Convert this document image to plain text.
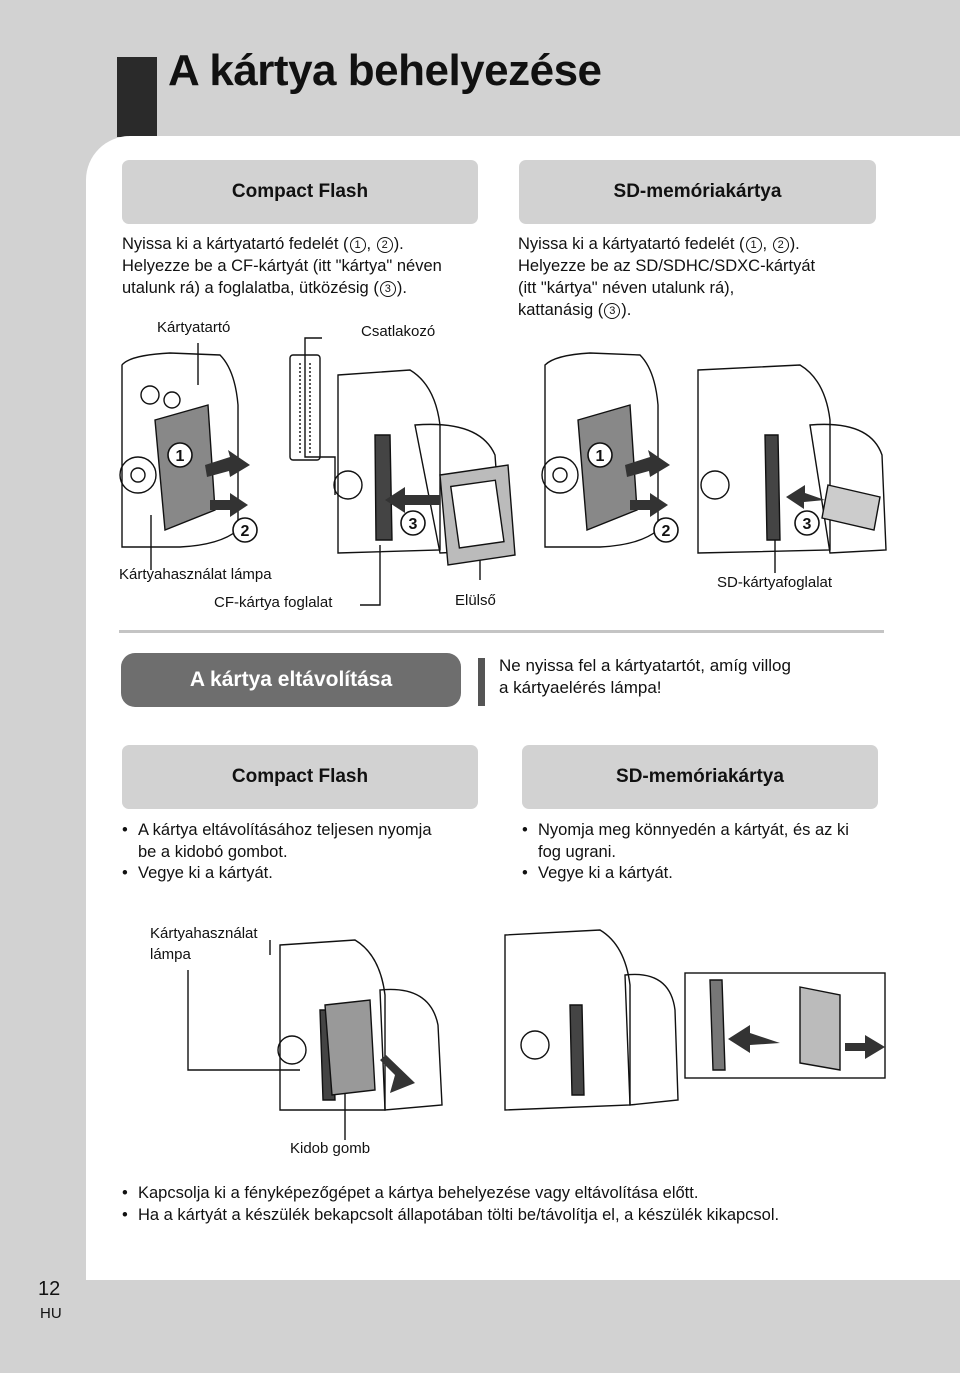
A kártya behelyezése
Compact Flash	SD-memóriakártya
Nyissa ki a kártyatartó fedelét ( 1 , 2 ).
Helyezze be a CF-kártyát (itt "kártya" néven
utalunk rá) a foglalatba, ütközésig ( 3 ).
Nyissa ki a kártyatartó fedelét ( 1 , 2 ).
Helyezze be az SD/SDHC/SDXC-kártyát
(itt "kártya" néven utalunk rá),
kattanásig ( 3 ).
Kártyatartó	Csatlakozó
Kártyahasználat lámpa
CF-kártya foglalat	Elülső
SD-kártyafoglalat
1
2	3
1
2	3
A kártya eltávolítása
Ne nyissa fel a kártyatartót, amíg villog
a kártyaelérés lámpa!
Compact Flash	SD-memóriakártya
• A kártya eltávolításához teljesen nyomja
be a kidobó gombot.
• Vegye ki a kártyát.
• Nyomja meg könnyedén a kártyát, és az ki
fog ugrani.
• Vegye ki a kártyát.
Kártyahasználat
lámpa
Kidob gomb
• Kapcsolja ki a fényképezőgépet a kártya behelyezése vagy eltávolítása előtt.
• Ha a kártyát a készülék bekapcsolt állapotában tölti be/távolítja el, a készülék kikapcsol.
12
HU
